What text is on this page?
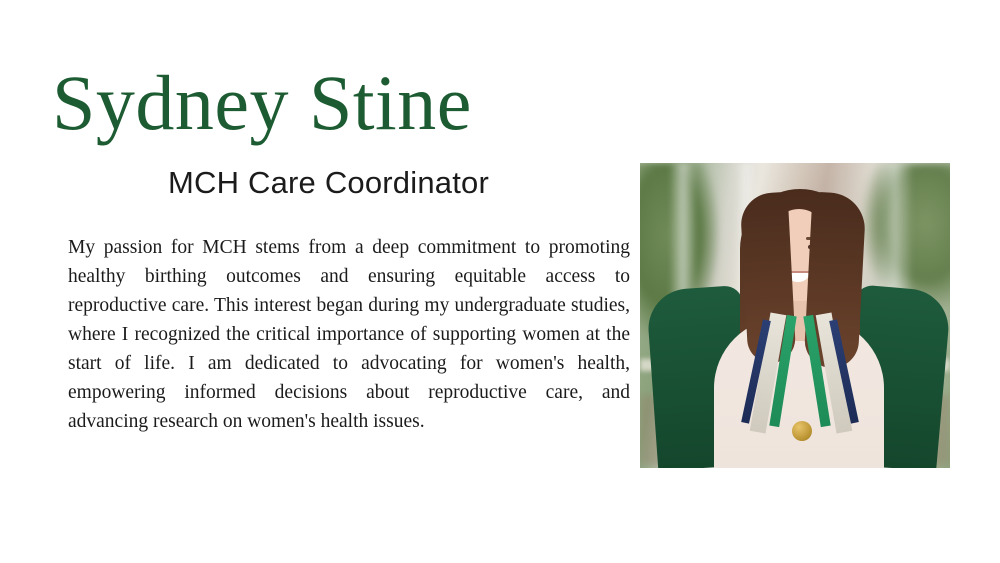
Sydney Stine
MCH Care Coordinator
My passion for MCH stems from a deep commitment to promoting healthy birthing outcomes and ensuring equitable access to reproductive care. This interest began during my undergraduate studies, where I recognized the critical importance of supporting women at the start of life. I am dedicated to advocating for women's health, empowering informed decisions about reproductive care, and advancing research on women's health issues.
